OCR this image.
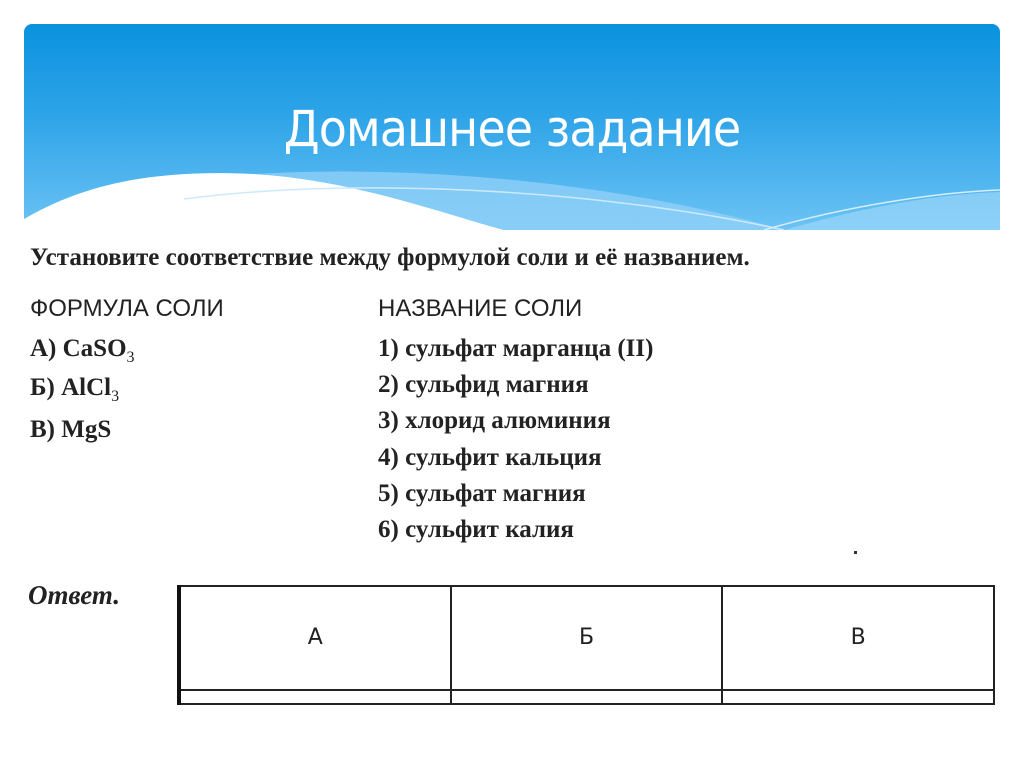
Домашнее задание
Установите соответствие между формулой соли и её названием.
ФОРМУЛА СОЛИ	НАЗВАНИЕ СОЛИ
А) CaSO$_3$
Б) AlCl$_3$
В) MgS
1) сульфат марганца (II)
2) сульфид магния
3) хлорид алюминия
4) сульфит кальция
5) сульфат магния
6) сульфит калия
Ответ.
А	Б	В
